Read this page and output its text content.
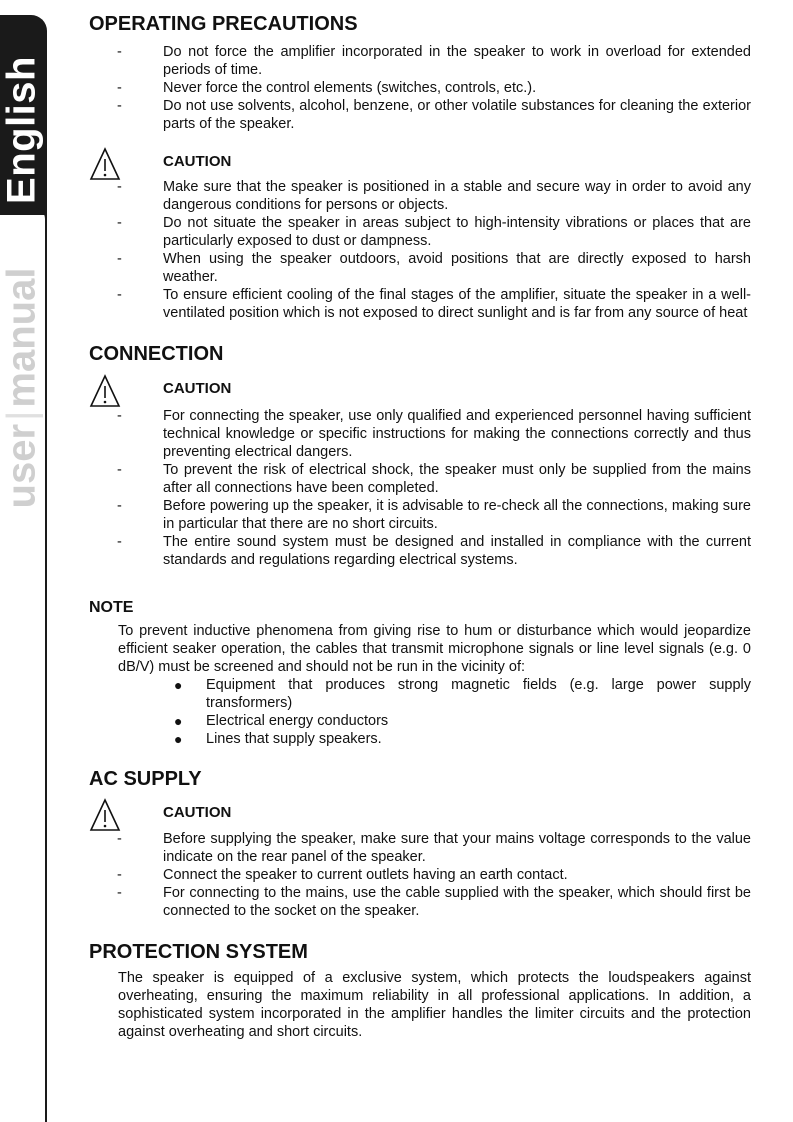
English
user|manual
OPERATING PRECAUTIONS
-	Do not force the amplifier incorporated in the speaker to work in overload for extended periods of time.
-	Never force the control elements (switches, controls, etc.).
-	Do not use solvents, alcohol, benzene, or other volatile substances for cleaning the exterior parts of the speaker.
CAUTION
-	Make sure that the speaker is positioned in a stable and secure way in order to avoid any dangerous conditions for persons or objects.
-	Do not situate the speaker in areas subject to high-intensity vibrations or places that are particularly exposed to dust or dampness.
-	When using the speaker outdoors, avoid positions that are directly exposed to harsh weather.
-	To ensure efficient cooling of the final stages of the amplifier, situate the speaker in a well-ventilated position which is not exposed to direct sunlight and is far from any source of heat
CONNECTION
CAUTION
-	For connecting the speaker, use only qualified and experienced personnel having sufficient technical knowledge or specific instructions for making the connections correctly and thus preventing electrical dangers.
-	To prevent the risk of electrical shock, the speaker must only be supplied from the mains after all connections have been completed.
-	Before powering up the speaker, it is advisable to re-check all the connections, making sure in particular that there are no short circuits.
-	The entire sound system must be designed and installed in compliance with the current standards and regulations regarding electrical systems.
NOTE

To prevent inductive phenomena from giving rise to hum or disturbance which would jeopardize efficient seaker operation, the cables that transmit microphone signals or line level signals (e.g. 0 dB/V) must be screened and should not be run in the vicinity of:

● Equipment that produces strong magnetic fields (e.g. large power supply transformers)
● Electrical energy conductors
● Lines that supply speakers.
AC SUPPLY
CAUTION
-	Before supplying the speaker, make sure that your mains voltage corresponds to the value indicate on the rear panel of the speaker.
-	Connect the speaker to current outlets having an earth contact.
-	For connecting to the mains, use the cable supplied with the speaker, which should first be connected to the socket on the speaker.
PROTECTION SYSTEM

The speaker is equipped of a exclusive system, which protects the loudspeakers against overheating, ensuring the maximum reliability in all professional applications. In addition, a sophisticated system incorporated in the amplifier handles the limiter circuits and the protection against overheating and short circuits.
